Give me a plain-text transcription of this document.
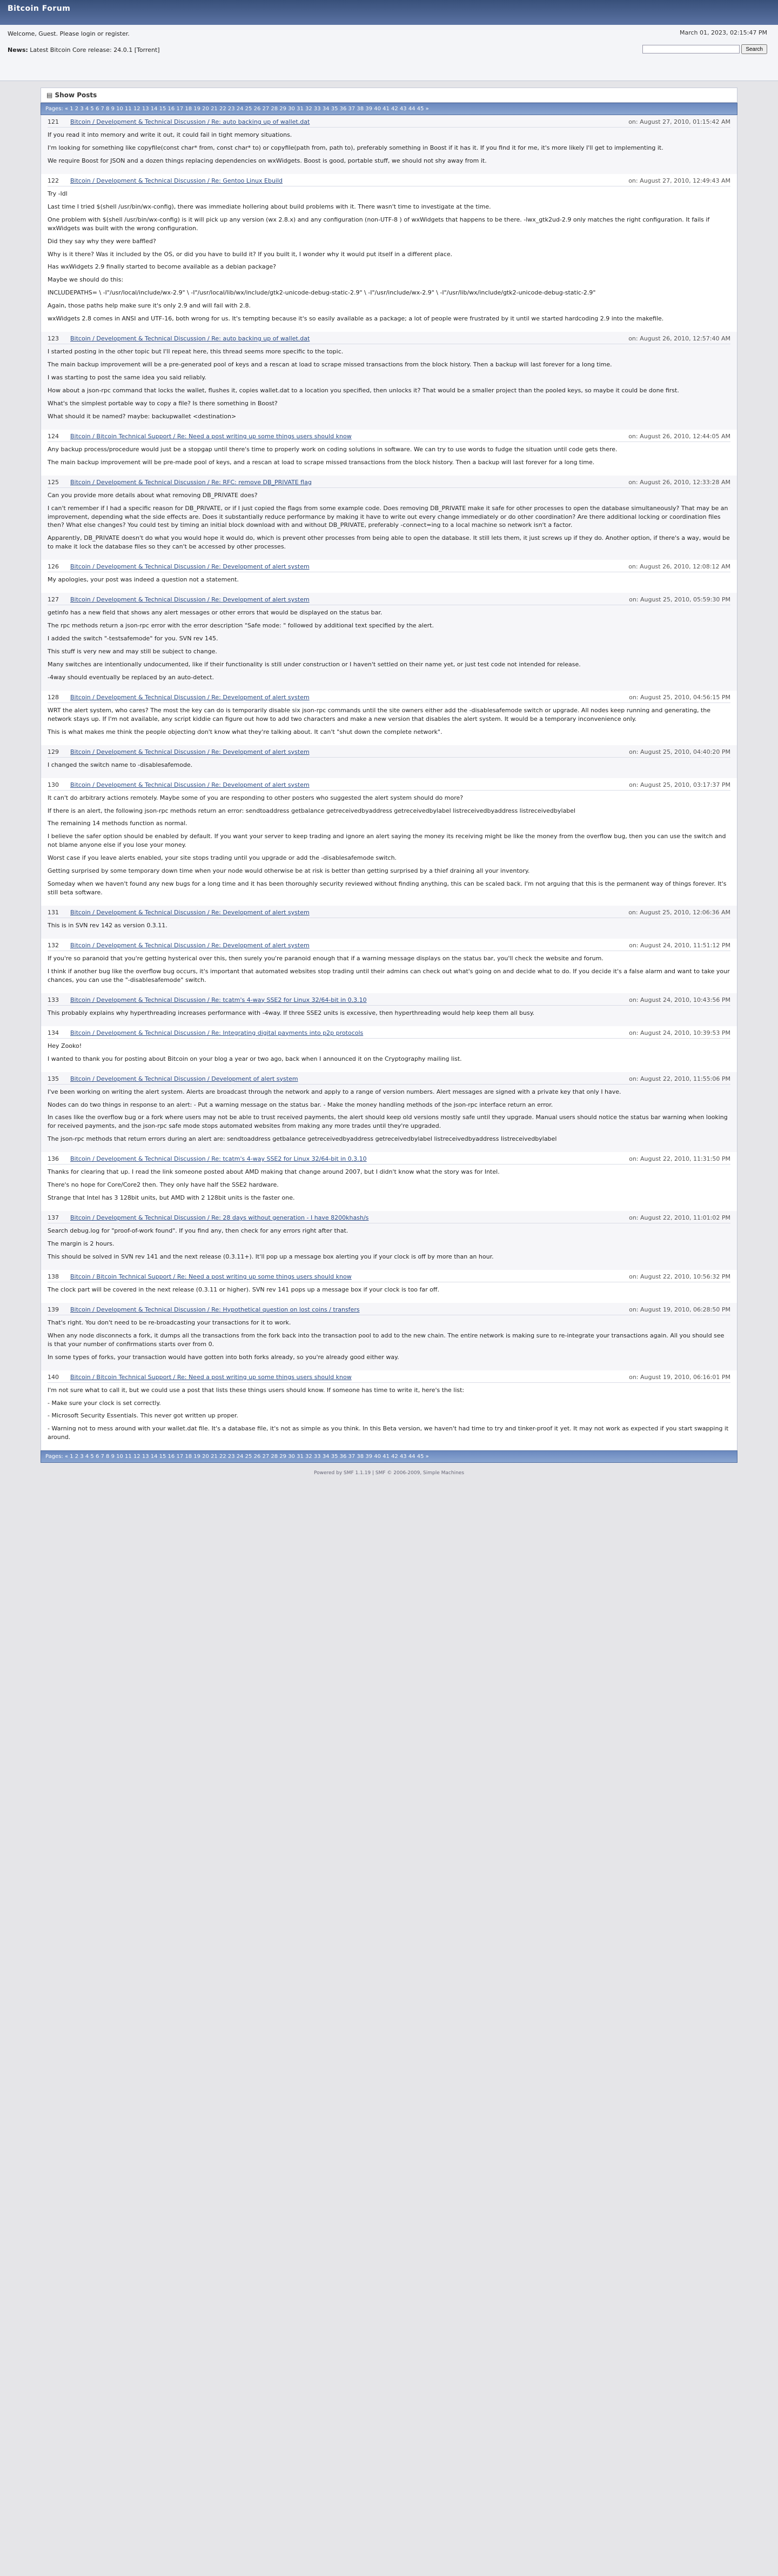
Bitcoin Forum
March 01, 2023, 02:15:47 PM
Welcome, Guest. Please login or register.
News: Latest Bitcoin Core release: 24.0.1 [Torrent]	Search
▤ Show Posts
Pages: « 1 2 3 4 5 6 7 8 9 10 11 12 13 14 15 16 17 18 19 20 21 22 23 24 25 26 27 28 29 30 31 32 33 34 35 36 37 38 39 40 41 42 43 44 45 »
121	Bitcoin / Development & Technical Discussion / Re: auto backing up of wallet.dat	on: August 27, 2010, 01:15:42 AM

If you read it into memory and write it out, it could fail in tight memory situations.

I'm looking for something like copyfile(const char* from, const char* to) or copyfile(path from, path to), preferably something in Boost if it has it. If you find it for me, it's more likely I'll get to implementing it.

We require Boost for JSON and a dozen things replacing dependencies on wxWidgets. Boost is good, portable stuff, we should not shy away from it.

122	Bitcoin / Development & Technical Discussion / Re: Gentoo Linux Ebuild	on: August 27, 2010, 12:49:43 AM

Try -ldl

Last time I tried $(shell /usr/bin/wx-config), there was immediate hollering about build problems with it. There wasn't time to investigate at the time.

One problem with $(shell /usr/bin/wx-config) is it will pick up any version (wx 2.8.x) and any configuration (non-UTF-8 ) of wxWidgets that happens to be there. -lwx_gtk2ud-2.9 only matches the right configuration. It fails if wxWidgets was built with the wrong configuration.

Did they say why they were baffled?

Why is it there? Was it included by the OS, or did you have to build it? If you built it, I wonder why it would put itself in a different place.

Has wxWidgets 2.9 finally started to become available as a debian package?

Maybe we should do this:

INCLUDEPATHS= \ -I"/usr/local/include/wx-2.9" \ -I"/usr/local/lib/wx/include/gtk2-unicode-debug-static-2.9" \ -I"/usr/include/wx-2.9" \ -I"/usr/lib/wx/include/gtk2-unicode-debug-static-2.9"

Again, those paths help make sure it's only 2.9 and will fail with 2.8.

wxWidgets 2.8 comes in ANSI and UTF-16, both wrong for us. It's tempting because it's so easily available as a package; a lot of people were frustrated by it until we started hardcoding 2.9 into the makefile.

123	Bitcoin / Development & Technical Discussion / Re: auto backing up of wallet.dat	on: August 26, 2010, 12:57:40 AM

I started posting in the other topic but I'll repeat here, this thread seems more specific to the topic.

The main backup improvement will be a pre-generated pool of keys and a rescan at load to scrape missed transactions from the block history. Then a backup will last forever for a long time.

I was starting to post the same idea you said reliably.

How about a json-rpc command that locks the wallet, flushes it, copies wallet.dat to a location you specified, then unlocks it? That would be a smaller project than the pooled keys, so maybe it could be done first.

What's the simplest portable way to copy a file? Is there something in Boost?

What should it be named? maybe: backupwallet <destination>

124	Bitcoin / Bitcoin Technical Support / Re: Need a post writing up some things users should know	on: August 26, 2010, 12:44:05 AM

Any backup process/procedure would just be a stopgap until there's time to properly work on coding solutions in software. We can try to use words to fudge the situation until code gets there.

The main backup improvement will be pre-made pool of keys, and a rescan at load to scrape missed transactions from the block history. Then a backup will last forever for a long time.

125	Bitcoin / Development & Technical Discussion / Re: RFC: remove DB_PRIVATE flag	on: August 26, 2010, 12:33:28 AM

Can you provide more details about what removing DB_PRIVATE does?

I can't remember if I had a specific reason for DB_PRIVATE, or if I just copied the flags from some example code. Does removing DB_PRIVATE make it safe for other processes to open the database simultaneously? That may be an improvement, depending what the side effects are. Does it substantially reduce performance by making it have to write out every change immediately or do other coordination? Are there additional locking or coordination files then? What else changes? You could test by timing an initial block download with and without DB_PRIVATE, preferably -connect=ing to a local machine so network isn't a factor.

Apparently, DB_PRIVATE doesn't do what you would hope it would do, which is prevent other processes from being able to open the database. It still lets them, it just screws up if they do. Another option, if there's a way, would be to make it lock the database files so they can't be accessed by other processes.

126	Bitcoin / Development & Technical Discussion / Re: Development of alert system	on: August 26, 2010, 12:08:12 AM

My apologies, your post was indeed a question not a statement.

127	Bitcoin / Development & Technical Discussion / Re: Development of alert system	on: August 25, 2010, 05:59:30 PM

getinfo has a new field that shows any alert messages or other errors that would be displayed on the status bar.

The rpc methods return a json-rpc error with the error description "Safe mode: " followed by additional text specified by the alert.

I added the switch "-testsafemode" for you. SVN rev 145.

This stuff is very new and may still be subject to change.

Many switches are intentionally undocumented, like if their functionality is still under construction or I haven't settled on their name yet, or just test code not intended for release.

-4way should eventually be replaced by an auto-detect.

128	Bitcoin / Development & Technical Discussion / Re: Development of alert system	on: August 25, 2010, 04:56:15 PM

WRT the alert system, who cares? The most the key can do is temporarily disable six json-rpc commands until the site owners either add the -disablesafemode switch or upgrade. All nodes keep running and generating, the network stays up. If I'm not available, any script kiddie can figure out how to add two characters and make a new version that disables the alert system. It would be a temporary inconvenience only.

This is what makes me think the people objecting don't know what they're talking about. It can't "shut down the complete network".

129	Bitcoin / Development & Technical Discussion / Re: Development of alert system	on: August 25, 2010, 04:40:20 PM

I changed the switch name to -disablesafemode.

130	Bitcoin / Development & Technical Discussion / Re: Development of alert system	on: August 25, 2010, 03:17:37 PM

It can't do arbitrary actions remotely. Maybe some of you are responding to other posters who suggested the alert system should do more?

If there is an alert, the following json-rpc methods return an error: sendtoaddress getbalance getreceivedbyaddress getreceivedbylabel listreceivedbyaddress listreceivedbylabel

The remaining 14 methods function as normal.

I believe the safer option should be enabled by default. If you want your server to keep trading and ignore an alert saying the money its receiving might be like the money from the overflow bug, then you can use the switch and not blame anyone else if you lose your money.

Worst case if you leave alerts enabled, your site stops trading until you upgrade or add the -disablesafemode switch.

Getting surprised by some temporary down time when your node would otherwise be at risk is better than getting surprised by a thief draining all your inventory.

Someday when we haven't found any new bugs for a long time and it has been thoroughly security reviewed without finding anything, this can be scaled back. I'm not arguing that this is the permanent way of things forever. It's still beta software.

131	Bitcoin / Development & Technical Discussion / Re: Development of alert system	on: August 25, 2010, 12:06:36 AM

This is in SVN rev 142 as version 0.3.11.

132	Bitcoin / Development & Technical Discussion / Re: Development of alert system	on: August 24, 2010, 11:51:12 PM

If you're so paranoid that you're getting hysterical over this, then surely you're paranoid enough that if a warning message displays on the status bar, you'll check the website and forum.

I think if another bug like the overflow bug occurs, it's important that automated websites stop trading until their admins can check out what's going on and decide what to do. If you decide it's a false alarm and want to take your chances, you can use the "-disablesafemode" switch.

133	Bitcoin / Development & Technical Discussion / Re: tcatm's 4-way SSE2 for Linux 32/64-bit in 0.3.10	on: August 24, 2010, 10:43:56 PM

This probably explains why hyperthreading increases performance with -4way. If three SSE2 units is excessive, then hyperthreading would help keep them all busy.

134	Bitcoin / Development & Technical Discussion / Re: Integrating digital payments into p2p protocols	on: August 24, 2010, 10:39:53 PM

Hey Zooko!

I wanted to thank you for posting about Bitcoin on your blog a year or two ago, back when I announced it on the Cryptography mailing list.

135	Bitcoin / Development & Technical Discussion / Development of alert system	on: August 22, 2010, 11:55:06 PM

I've been working on writing the alert system. Alerts are broadcast through the network and apply to a range of version numbers. Alert messages are signed with a private key that only I have.

Nodes can do two things in response to an alert: - Put a warning message on the status bar. - Make the money handling methods of the json-rpc interface return an error.

In cases like the overflow bug or a fork where users may not be able to trust received payments, the alert should keep old versions mostly safe until they upgrade. Manual users should notice the status bar warning when looking for received payments, and the json-rpc safe mode stops automated websites from making any more trades until they're upgraded.

The json-rpc methods that return errors during an alert are: sendtoaddress getbalance getreceivedbyaddress getreceivedbylabel listreceivedbyaddress listreceivedbylabel

136	Bitcoin / Development & Technical Discussion / Re: tcatm's 4-way SSE2 for Linux 32/64-bit in 0.3.10	on: August 22, 2010, 11:31:50 PM

Thanks for clearing that up. I read the link someone posted about AMD making that change around 2007, but I didn't know what the story was for Intel.

There's no hope for Core/Core2 then. They only have half the SSE2 hardware.

Strange that Intel has 3 128bit units, but AMD with 2 128bit units is the faster one.

137	Bitcoin / Development & Technical Discussion / Re: 28 days without generation - I have 8200khash/s	on: August 22, 2010, 11:01:02 PM

Search debug.log for "proof-of-work found". If you find any, then check for any errors right after that.

The margin is 2 hours.

This should be solved in SVN rev 141 and the next release (0.3.11+). It'll pop up a message box alerting you if your clock is off by more than an hour.

138	Bitcoin / Bitcoin Technical Support / Re: Need a post writing up some things users should know	on: August 22, 2010, 10:56:32 PM

The clock part will be covered in the next release (0.3.11 or higher). SVN rev 141 pops up a message box if your clock is too far off.

139	Bitcoin / Development & Technical Discussion / Re: Hypothetical question on lost coins / transfers	on: August 19, 2010, 06:28:50 PM

That's right. You don't need to be re-broadcasting your transactions for it to work.

When any node disconnects a fork, it dumps all the transactions from the fork back into the transaction pool to add to the new chain. The entire network is making sure to re-integrate your transactions again. All you should see is that your number of confirmations starts over from 0.

In some types of forks, your transaction would have gotten into both forks already, so you're already good either way.

140	Bitcoin / Bitcoin Technical Support / Re: Need a post writing up some things users should know	on: August 19, 2010, 06:16:01 PM

I'm not sure what to call it, but we could use a post that lists these things users should know. If someone has time to write it, here's the list:

- Make sure your clock is set correctly.

- Microsoft Security Essentials. This never got written up proper.

- Warning not to mess around with your wallet.dat file. It's a database file, it's not as simple as you think. In this Beta version, we haven't had time to try and tinker-proof it yet. It may not work as expected if you start swapping it around.

Pages: « 1 2 3 4 5 6 7 8 9 10 11 12 13 14 15 16 17 18 19 20 21 22 23 24 25 26 27 28 29 30 31 32 33 34 35 36 37 38 39 40 41 42 43 44 45 »
Powered by SMF 1.1.19 | SMF © 2006-2009, Simple Machines
